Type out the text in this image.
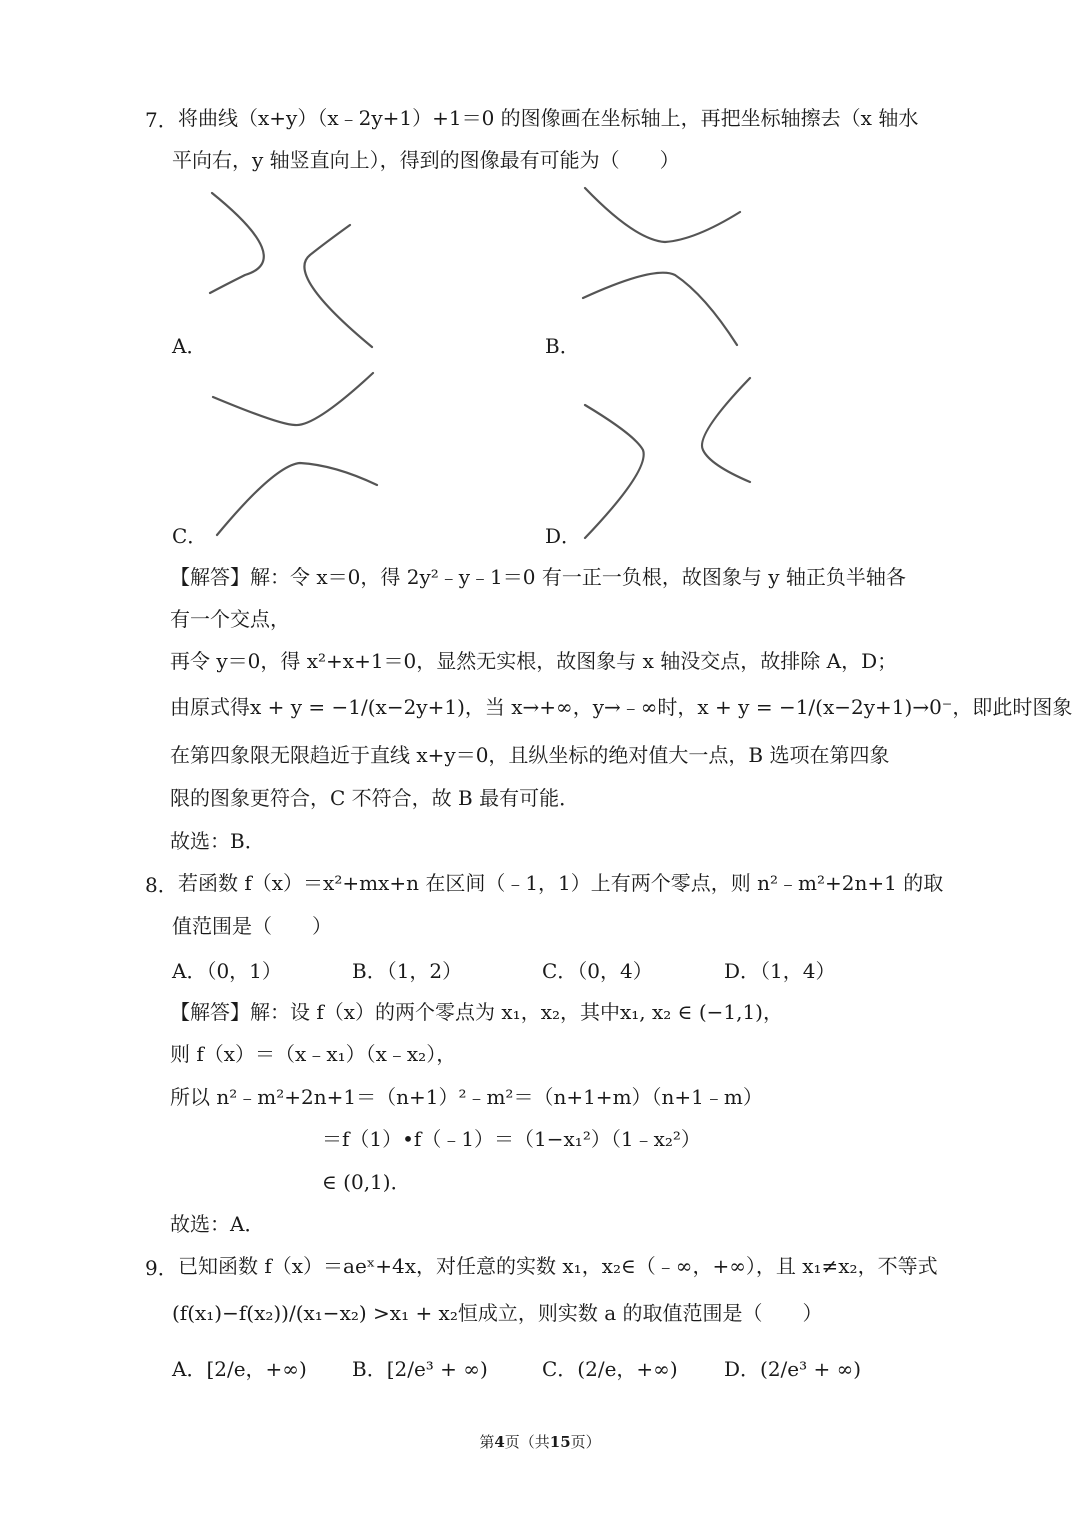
7． 将曲线（x+y）（x﹣2y+1）+1＝0 的图像画在坐标轴上，再把坐标轴擦去（x 轴水
平向右，y 轴竖直向上），得到的图像最有可能为（　　）
A．	B．
C．	D．
【解答】解：令 x＝0，得 2y²﹣y﹣1＝0 有一正一负根，故图象与 y 轴正负半轴各
有一个交点，
再令 y＝0，得 x²+x+1＝0，显然无实根，故图象与 x 轴没交点，故排除 A，D；
由原式得x + y = −1/(x−2y+1)，当 x→+∞，y→﹣∞时，x + y = −1/(x−2y+1)→0⁻，即此时图象
在第四象限无限趋近于直线 x+y＝0，且纵坐标的绝对值大一点，B 选项在第四象
限的图象更符合，C 不符合，故 B 最有可能．
故选：B．
8． 若函数 f（x）＝x²+mx+n 在区间（﹣1，1）上有两个零点，则 n²﹣m²+2n+1 的取
值范围是（　　）
A．（0，1）	B．（1，2）	C．（0，4）	D．（1，4）
【解答】解：设 f（x）的两个零点为 x₁，x₂，其中x₁, x₂ ∈ (−1,1)，
则 f（x）＝（x﹣x₁）（x﹣x₂），
所以 n²﹣m²+2n+1＝（n+1）²﹣m²＝（n+1+m）（n+1﹣m）
＝f（1）•f（﹣1）＝（1−x₁²）（1﹣x₂²）
∈ (0,1)．
故选：A．
9． 已知函数 f（x）＝aeˣ+4x，对任意的实数 x₁，x₂∈（﹣∞，+∞），且 x₁≠x₂，不等式
(f(x₁)−f(x₂))/(x₁−x₂) >x₁ + x₂恒成立，则实数 a 的取值范围是（　　）
A．[2/e，+∞) B．[2/e³ + ∞)	C．(2/e，+∞) D．(2/e³ + ∞)
第4页（共15页）
